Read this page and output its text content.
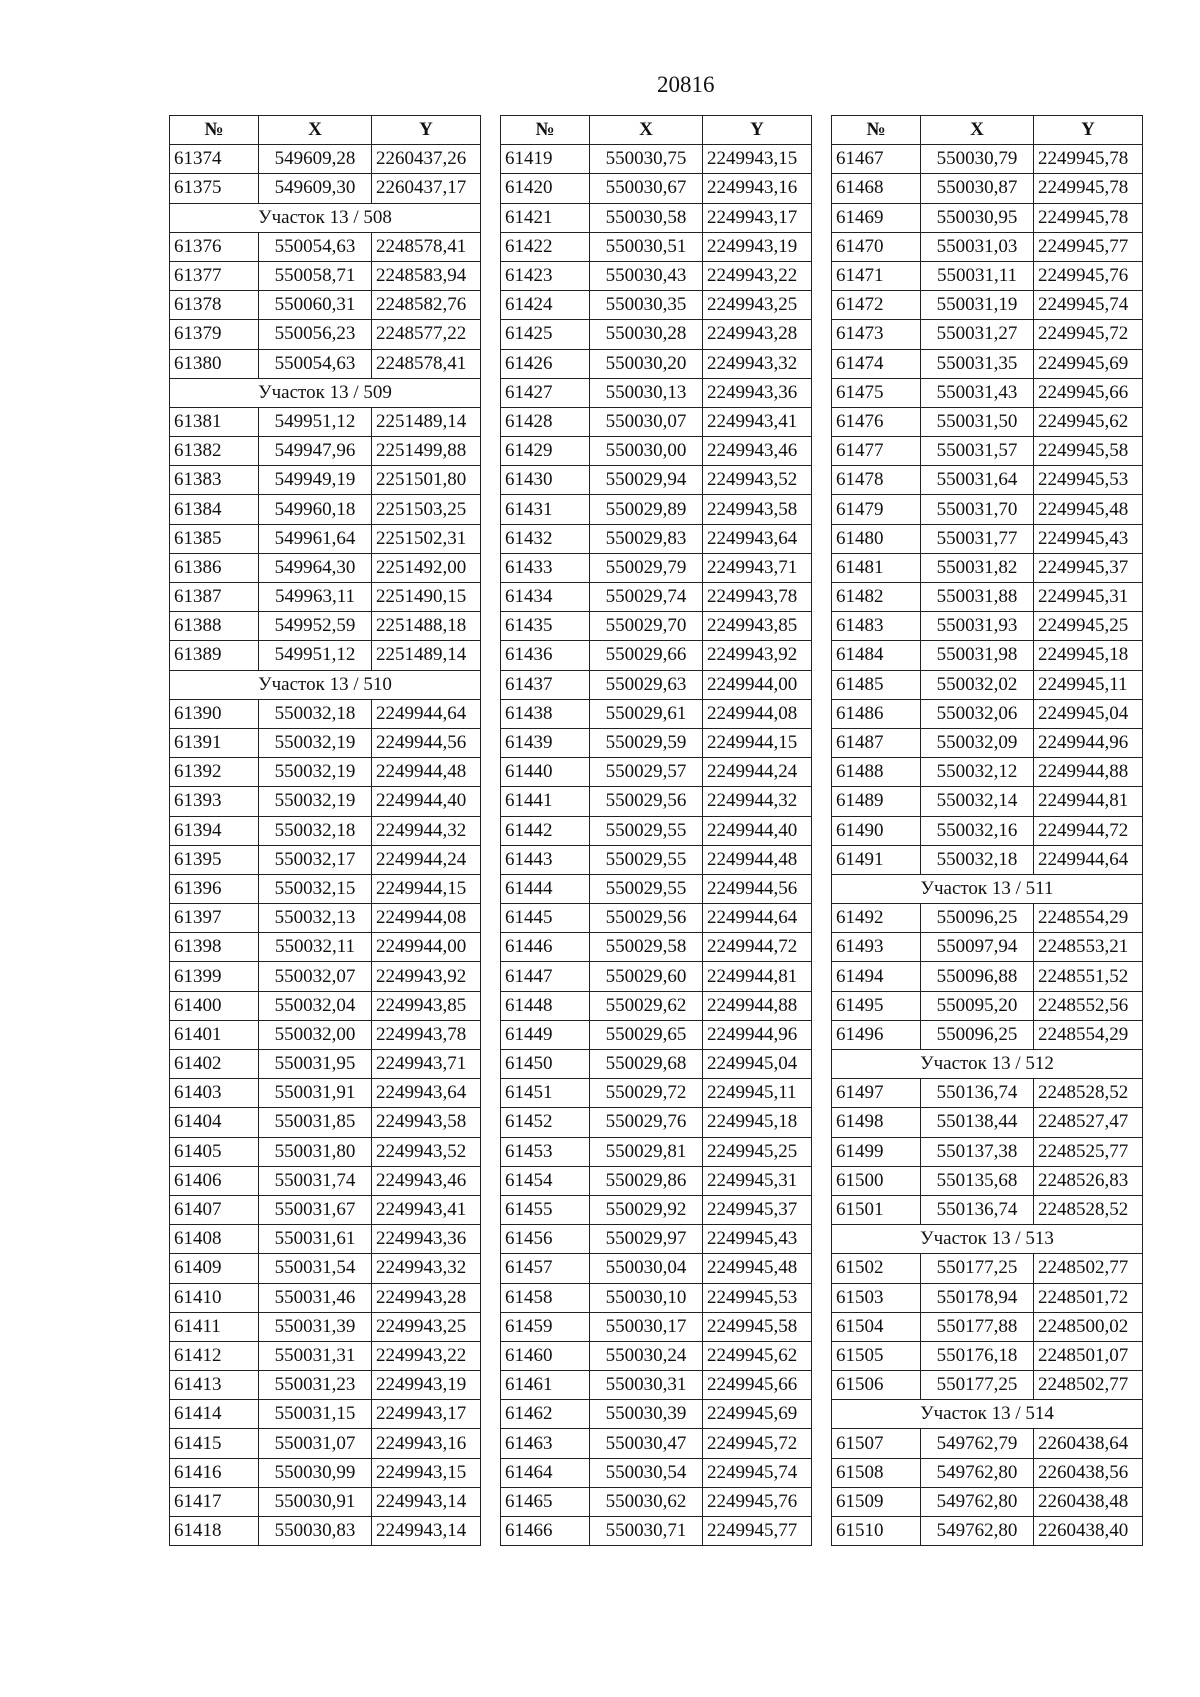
20816
№	X	Y
61374	549609,28	2260437,26
61375	549609,30	2260437,17
Участок 13 / 508		
61376	550054,63	2248578,41
61377	550058,71	2248583,94
61378	550060,31	2248582,76
61379	550056,23	2248577,22
61380	550054,63	2248578,41
Участок 13 / 509		
61381	549951,12	2251489,14
61382	549947,96	2251499,88
61383	549949,19	2251501,80
61384	549960,18	2251503,25
61385	549961,64	2251502,31
61386	549964,30	2251492,00
61387	549963,11	2251490,15
61388	549952,59	2251488,18
61389	549951,12	2251489,14
Участок 13 / 510		
61390	550032,18	2249944,64
61391	550032,19	2249944,56
61392	550032,19	2249944,48
61393	550032,19	2249944,40
61394	550032,18	2249944,32
61395	550032,17	2249944,24
61396	550032,15	2249944,15
61397	550032,13	2249944,08
61398	550032,11	2249944,00
61399	550032,07	2249943,92
61400	550032,04	2249943,85
61401	550032,00	2249943,78
61402	550031,95	2249943,71
61403	550031,91	2249943,64
61404	550031,85	2249943,58
61405	550031,80	2249943,52
61406	550031,74	2249943,46
61407	550031,67	2249943,41
61408	550031,61	2249943,36
61409	550031,54	2249943,32
61410	550031,46	2249943,28
61411	550031,39	2249943,25
61412	550031,31	2249943,22
61413	550031,23	2249943,19
61414	550031,15	2249943,17
61415	550031,07	2249943,16
61416	550030,99	2249943,15
61417	550030,91	2249943,14
61418	550030,83	2249943,14
№	X	Y
61419	550030,75	2249943,15
61420	550030,67	2249943,16
61421	550030,58	2249943,17
61422	550030,51	2249943,19
61423	550030,43	2249943,22
61424	550030,35	2249943,25
61425	550030,28	2249943,28
61426	550030,20	2249943,32
61427	550030,13	2249943,36
61428	550030,07	2249943,41
61429	550030,00	2249943,46
61430	550029,94	2249943,52
61431	550029,89	2249943,58
61432	550029,83	2249943,64
61433	550029,79	2249943,71
61434	550029,74	2249943,78
61435	550029,70	2249943,85
61436	550029,66	2249943,92
61437	550029,63	2249944,00
61438	550029,61	2249944,08
61439	550029,59	2249944,15
61440	550029,57	2249944,24
61441	550029,56	2249944,32
61442	550029,55	2249944,40
61443	550029,55	2249944,48
61444	550029,55	2249944,56
61445	550029,56	2249944,64
61446	550029,58	2249944,72
61447	550029,60	2249944,81
61448	550029,62	2249944,88
61449	550029,65	2249944,96
61450	550029,68	2249945,04
61451	550029,72	2249945,11
61452	550029,76	2249945,18
61453	550029,81	2249945,25
61454	550029,86	2249945,31
61455	550029,92	2249945,37
61456	550029,97	2249945,43
61457	550030,04	2249945,48
61458	550030,10	2249945,53
61459	550030,17	2249945,58
61460	550030,24	2249945,62
61461	550030,31	2249945,66
61462	550030,39	2249945,69
61463	550030,47	2249945,72
61464	550030,54	2249945,74
61465	550030,62	2249945,76
61466	550030,71	2249945,77
№	X	Y
61467	550030,79	2249945,78
61468	550030,87	2249945,78
61469	550030,95	2249945,78
61470	550031,03	2249945,77
61471	550031,11	2249945,76
61472	550031,19	2249945,74
61473	550031,27	2249945,72
61474	550031,35	2249945,69
61475	550031,43	2249945,66
61476	550031,50	2249945,62
61477	550031,57	2249945,58
61478	550031,64	2249945,53
61479	550031,70	2249945,48
61480	550031,77	2249945,43
61481	550031,82	2249945,37
61482	550031,88	2249945,31
61483	550031,93	2249945,25
61484	550031,98	2249945,18
61485	550032,02	2249945,11
61486	550032,06	2249945,04
61487	550032,09	2249944,96
61488	550032,12	2249944,88
61489	550032,14	2249944,81
61490	550032,16	2249944,72
61491	550032,18	2249944,64
Участок 13 / 511		
61492	550096,25	2248554,29
61493	550097,94	2248553,21
61494	550096,88	2248551,52
61495	550095,20	2248552,56
61496	550096,25	2248554,29
Участок 13 / 512		
61497	550136,74	2248528,52
61498	550138,44	2248527,47
61499	550137,38	2248525,77
61500	550135,68	2248526,83
61501	550136,74	2248528,52
Участок 13 / 513		
61502	550177,25	2248502,77
61503	550178,94	2248501,72
61504	550177,88	2248500,02
61505	550176,18	2248501,07
61506	550177,25	2248502,77
Участок 13 / 514		
61507	549762,79	2260438,64
61508	549762,80	2260438,56
61509	549762,80	2260438,48
61510	549762,80	2260438,40
